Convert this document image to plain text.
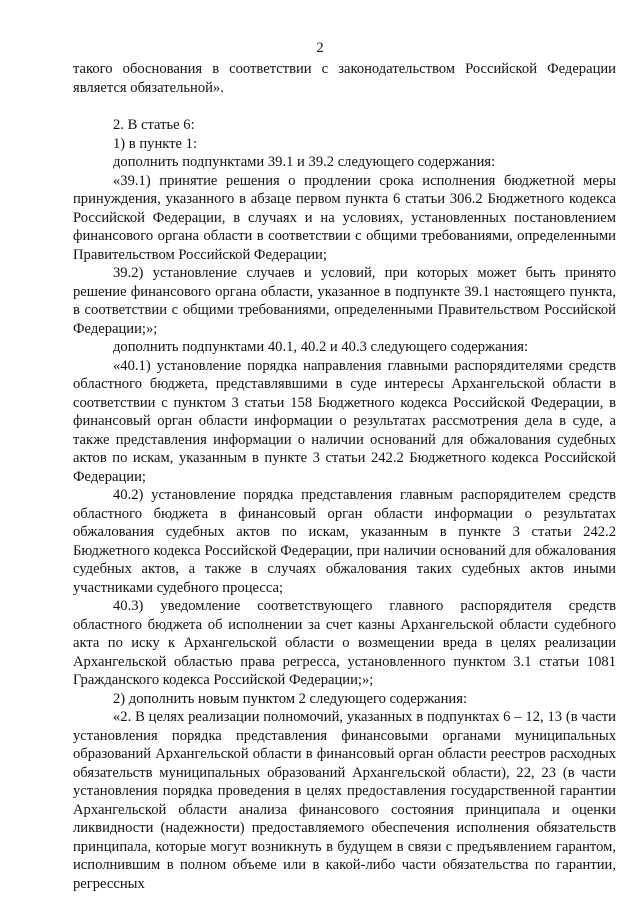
2

такого обоснования в соответствии с законодательством Российской Федерации является обязательной».

2. В статье 6:

1) в пункте 1:

дополнить подпунктами 39.1 и 39.2 следующего содержания:

«39.1) принятие решения о продлении срока исполнения бюджетной меры принуждения, указанного в абзаце первом пункта 6 статьи 306.2 Бюджетного кодекса Российской Федерации, в случаях и на условиях, установленных постановлением финансового органа области в соответствии с общими требованиями, определенными Правительством Российской Федерации;

39.2) установление случаев и условий, при которых может быть принято решение финансового органа области, указанное в подпункте 39.1 настоящего пункта, в соответствии с общими требованиями, определенными Правительством Российской Федерации;»;

дополнить подпунктами 40.1, 40.2 и 40.3 следующего содержания:

«40.1) установление порядка направления главными распорядителями средств областного бюджета, представлявшими в суде интересы Архангельской области в соответствии с пунктом 3 статьи 158 Бюджетного кодекса Российской Федерации, в финансовый орган области информации о результатах рассмотрения дела в суде, а также представления информации о наличии оснований для обжалования судебных актов по искам, указанным в пункте 3 статьи 242.2 Бюджетного кодекса Российской Федерации;

40.2) установление порядка представления главным распорядителем средств областного бюджета в финансовый орган области информации о результатах обжалования судебных актов по искам, указанным в пункте 3 статьи 242.2 Бюджетного кодекса Российской Федерации, при наличии оснований для обжалования судебных актов, а также в случаях обжалования таких судебных актов иными участниками судебного процесса;

40.3) уведомление соответствующего главного распорядителя средств областного бюджета об исполнении за счет казны Архангельской области судебного акта по иску к Архангельской области о возмещении вреда в целях реализации Архангельской областью права регресса, установленного пунктом 3.1 статьи 1081 Гражданского кодекса Российской Федерации;»;

2) дополнить новым пунктом 2 следующего содержания:

«2. В целях реализации полномочий, указанных в подпунктах 6 – 12, 13 (в части установления порядка представления финансовыми органами муниципальных образований Архангельской области в финансовый орган области реестров расходных обязательств муниципальных образований Архангельской области), 22, 23 (в части установления порядка проведения в целях предоставления государственной гарантии Архангельской области анализа финансового состояния принципала и оценки ликвидности (надежности) предоставляемого обеспечения исполнения обязательств принципала, которые могут возникнуть в будущем в связи с предъявлением гарантом, исполнившим в полном объеме или в какой-либо части обязательства по гарантии, регрессных
